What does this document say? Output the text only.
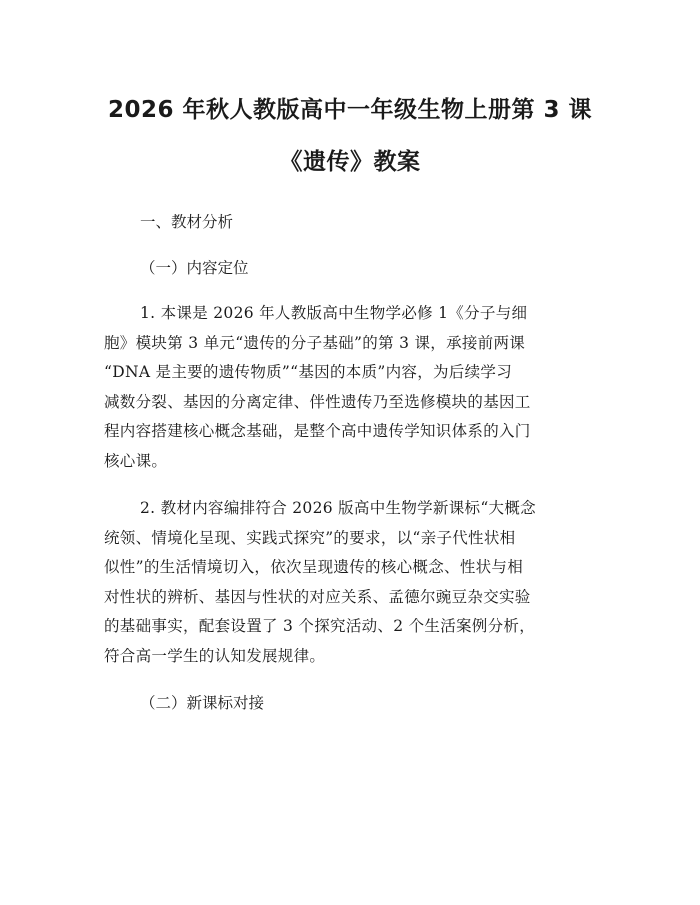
2026 年秋人教版高中一年级生物上册第 3 课
《遗传》教案
一、教材分析
（一）内容定位

1. 本课是 2026 年人教版高中生物学必修 1《分子与细
胞》模块第 3 单元“遗传的分子基础”的第 3 课，承接前两课
“DNA 是主要的遗传物质”“基因的本质”内容，为后续学习
减数分裂、基因的分离定律、伴性遗传乃至选修模块的基因工
程内容搭建核心概念基础，是整个高中遗传学知识体系的入门
核心课。

2. 教材内容编排符合 2026 版高中生物学新课标“大概念
统领、情境化呈现、实践式探究”的要求，以“亲子代性状相
似性”的生活情境切入，依次呈现遗传的核心概念、性状与相
对性状的辨析、基因与性状的对应关系、孟德尔豌豆杂交实验
的基础事实，配套设置了 3 个探究活动、2 个生活案例分析，
符合高一学生的认知发展规律。

（二）新课标对接
